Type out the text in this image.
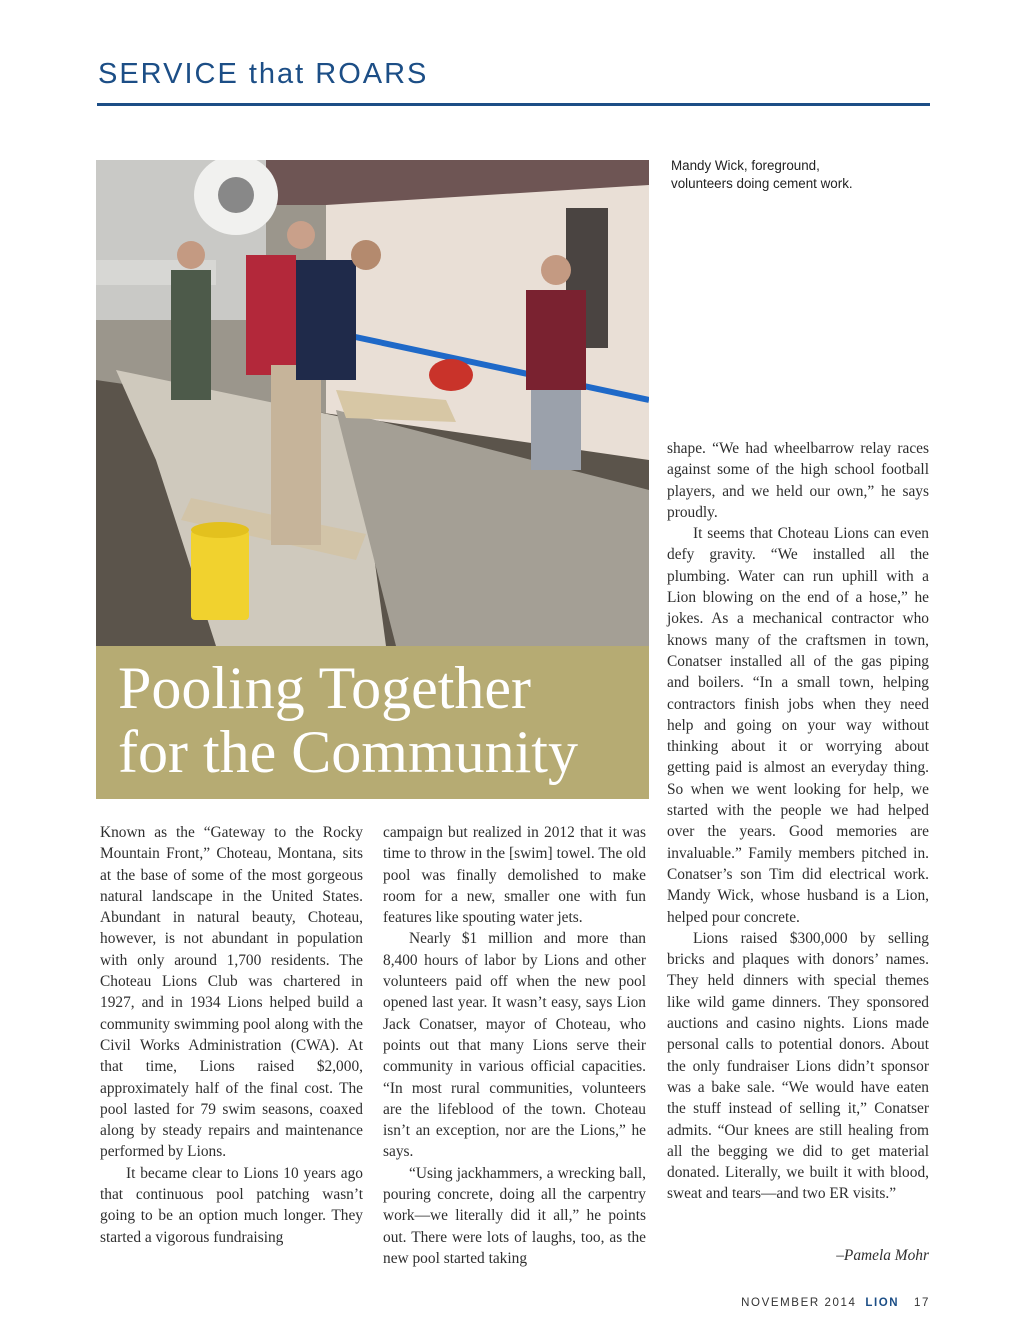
SERVICE that ROARS
Mandy Wick, foreground, volunteers doing cement work.
Pooling Together
for the Community

Known as the “Gateway to the Rocky Mountain Front,” Choteau, Montana, sits at the base of some of the most gorgeous natural landscape in the United States. Abundant in natural beauty, Choteau, however, is not abundant in population with only around 1,700 residents. The Choteau Lions Club was chartered in 1927, and in 1934 Lions helped build a community swimming pool along with the Civil Works Administration (CWA). At that time, Lions raised $2,000, approximately half of the final cost. The pool lasted for 79 swim seasons, coaxed along by steady repairs and maintenance performed by Lions.

It became clear to Lions 10 years ago that continuous pool patching wasn’t going to be an option much longer. They started a vigorous fundraising

campaign but realized in 2012 that it was time to throw in the [swim] towel. The old pool was finally demolished to make room for a new, smaller one with fun features like spouting water jets.

Nearly $1 million and more than 8,400 hours of labor by Lions and other volunteers paid off when the new pool opened last year. It wasn’t easy, says Lion Jack Conatser, mayor of Choteau, who points out that many Lions serve their community in various official capacities. “In most rural communities, volunteers are the lifeblood of the town. Choteau isn’t an exception, nor are the Lions,” he says.

“Using jackhammers, a wrecking ball, pouring concrete, doing all the carpentry work—we literally did it all,” he points out. There were lots of laughs, too, as the new pool started taking

shape. “We had wheelbarrow relay races against some of the high school football players, and we held our own,” he says proudly.

It seems that Choteau Lions can even defy gravity. “We installed all the plumbing. Water can run uphill with a Lion blowing on the end of a hose,” he jokes. As a mechanical contractor who knows many of the craftsmen in town, Conatser installed all of the gas piping and boilers. “In a small town, helping contractors finish jobs when they need help and going on your way without thinking about it or worrying about getting paid is almost an everyday thing. So when we went looking for help, we started with the people we had helped over the years. Good memories are invaluable.” Family members pitched in. Conatser’s son Tim did electrical work. Mandy Wick, whose husband is a Lion, helped pour concrete.

Lions raised $300,000 by selling bricks and plaques with donors’ names. They held dinners with special themes like wild game dinners. They sponsored auctions and casino nights. Lions made personal calls to potential donors. About the only fundraiser Lions didn’t sponsor was a bake sale. “We would have eaten the stuff instead of selling it,” Conatser admits. “Our knees are still healing from all the begging we did to get material donated. Literally, we built it with blood, sweat and tears—and two ER visits.”

–Pamela Mohr
NOVEMBER 2014 LION 17
